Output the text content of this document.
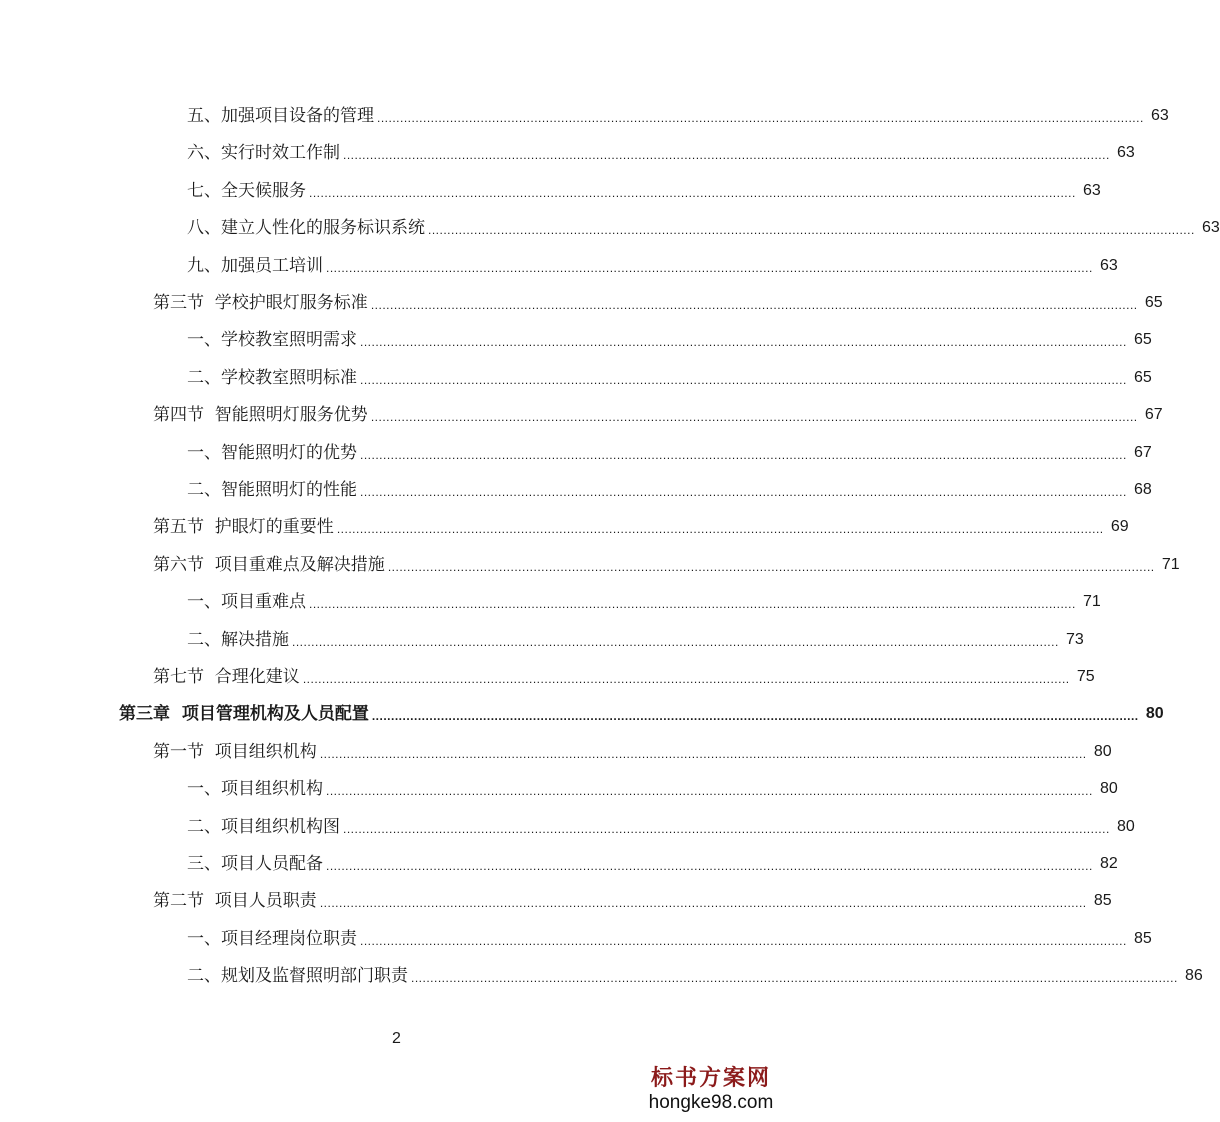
五、加强项目设备的管理 ........................................................................................................................................................................................................ 63
六、实行时效工作制 ........................................................................................................................................................................................................ 63
七、全天候服务 ........................................................................................................................................................................................................ 63
八、建立人性化的服务标识系统 ........................................................................................................................................................................................................ 63
九、加强员工培训 ........................................................................................................................................................................................................ 63
第三节  学校护眼灯服务标准 ........................................................................................................................................................................................................ 65
一、学校教室照明需求 ........................................................................................................................................................................................................ 65
二、学校教室照明标准 ........................................................................................................................................................................................................ 65
第四节  智能照明灯服务优势 ........................................................................................................................................................................................................ 67
一、智能照明灯的优势 ........................................................................................................................................................................................................ 67
二、智能照明灯的性能 ........................................................................................................................................................................................................ 68
第五节  护眼灯的重要性 ........................................................................................................................................................................................................ 69
第六节  项目重难点及解决措施 ........................................................................................................................................................................................................ 71
一、项目重难点 ........................................................................................................................................................................................................ 71
二、解决措施 ........................................................................................................................................................................................................ 73
第七节  合理化建议 ........................................................................................................................................................................................................ 75
第三章  项目管理机构及人员配置 ........................................................................................................................................................................................................ 80
第一节  项目组织机构 ........................................................................................................................................................................................................ 80
一、项目组织机构 ........................................................................................................................................................................................................ 80
二、项目组织机构图 ........................................................................................................................................................................................................ 80
三、项目人员配备 ........................................................................................................................................................................................................ 82
第二节  项目人员职责 ........................................................................................................................................................................................................ 85
一、项目经理岗位职责 ........................................................................................................................................................................................................ 85
二、规划及监督照明部门职责 ........................................................................................................................................................................................................ 86
2
标书方案网
hongke98.com
